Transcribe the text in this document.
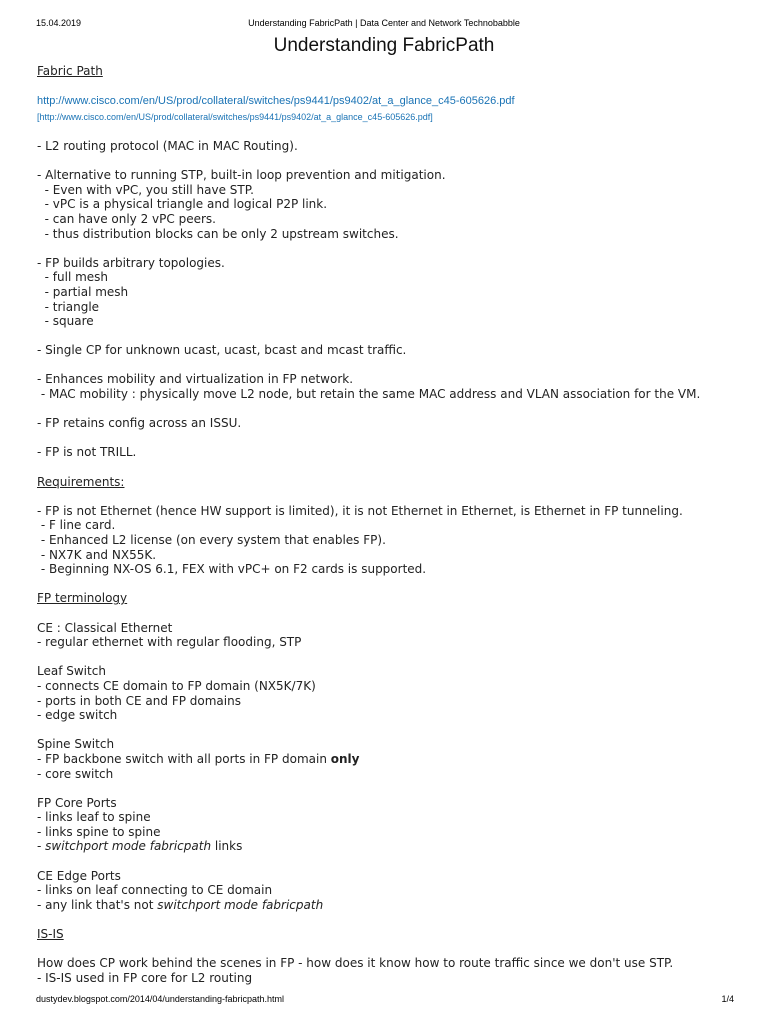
15.04.2019	Understanding FabricPath | Data Center and Network Technobabble
Understanding FabricPath

Fabric Path

http://www.cisco.com/en/US/prod/collateral/switches/ps9441/ps9402/at_a_glance_c45-605626.pdf

[http://www.cisco.com/en/US/prod/collateral/switches/ps9441/ps9402/at_a_glance_c45-605626.pdf]

- L2 routing protocol (MAC in MAC Routing).

- Alternative to running STP, built-in loop prevention and mitigation.

- Even with vPC, you still have STP.

- vPC is a physical triangle and logical P2P link.

- can have only 2 vPC peers.

- thus distribution blocks can be only 2 upstream switches.

- FP builds arbitrary topologies.

- full mesh

- partial mesh

- triangle

- square

- Single CP for unknown ucast, ucast, bcast and mcast traffic.

- Enhances mobility and virtualization in FP network.

- MAC mobility : physically move L2 node, but retain the same MAC address and VLAN association for the VM.

- FP retains config across an ISSU.

- FP is not TRILL.

Requirements:

- FP is not Ethernet (hence HW support is limited), it is not Ethernet in Ethernet, is Ethernet in FP tunneling.

- F line card.

- Enhanced L2 license (on every system that enables FP).

- NX7K and NX55K.

- Beginning NX-OS 6.1, FEX with vPC+ on F2 cards is supported.

FP terminology

CE : Classical Ethernet

- regular ethernet with regular flooding, STP

Leaf Switch

- connects CE domain to FP domain (NX5K/7K)

- ports in both CE and FP domains

- edge switch

Spine Switch

- FP backbone switch with all ports in FP domain only

- core switch

FP Core Ports

- links leaf to spine

- links spine to spine

- switchport mode fabricpath links

CE Edge Ports

- links on leaf connecting to CE domain

- any link that's not switchport mode fabricpath

IS-IS

How does CP work behind the scenes in FP - how does it know how to route traffic since we don't use STP.

- IS-IS used in FP core for L2 routing

dustydev.blogspot.com/2014/04/understanding-fabricpath.html	1/4
